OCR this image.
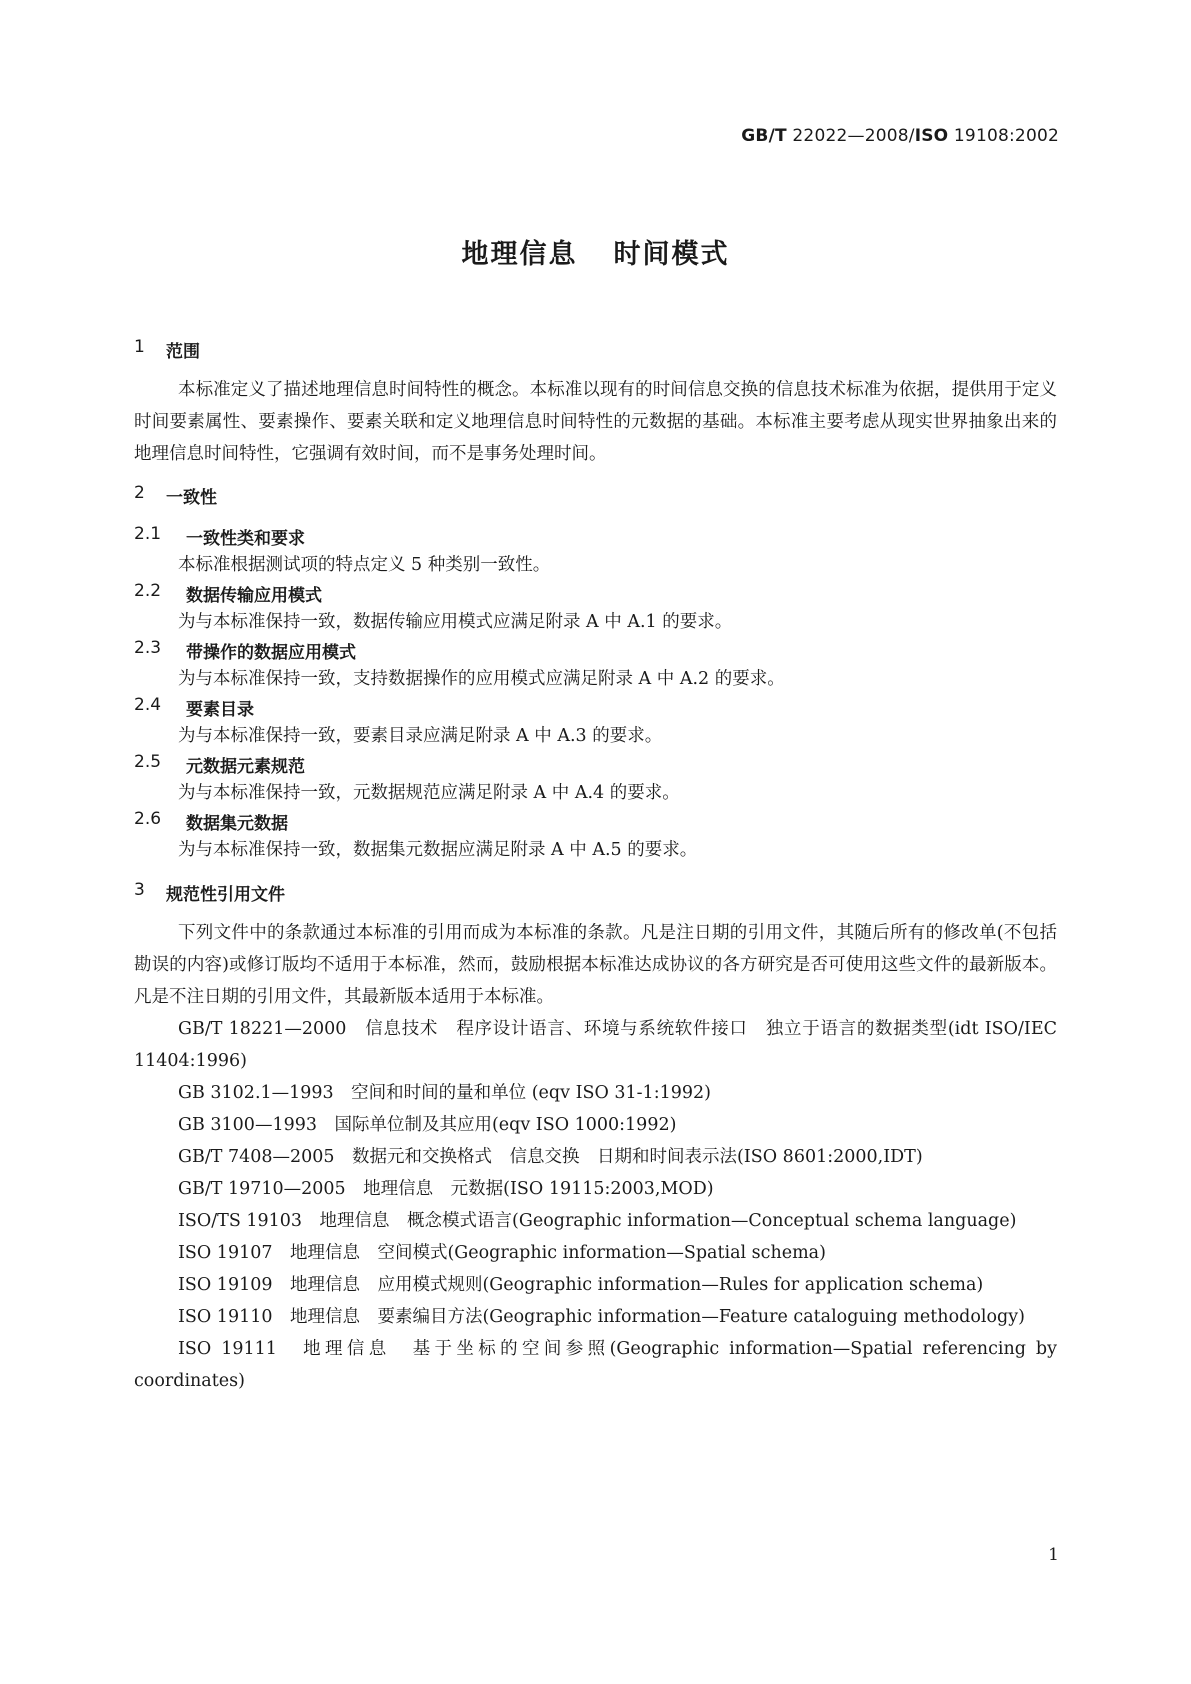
GB/T 22022—2008/ISO 19108:2002
地理信息 时间模式
1	范围
本标准定义了描述地理信息时间特性的概念。本标准以现有的时间信息交换的信息技术标准为依据，提供用于定义时间要素属性、要素操作、要素关联和定义地理信息时间特性的元数据的基础。本标准主要考虑从现实世界抽象出来的地理信息时间特性，它强调有效时间，而不是事务处理时间。
2	一致性
2.1	一致性类和要求
本标准根据测试项的特点定义 5 种类别一致性。
2.2	数据传输应用模式
为与本标准保持一致，数据传输应用模式应满足附录 A 中 A.1 的要求。
2.3	带操作的数据应用模式
为与本标准保持一致，支持数据操作的应用模式应满足附录 A 中 A.2 的要求。
2.4	要素目录
为与本标准保持一致，要素目录应满足附录 A 中 A.3 的要求。
2.5	元数据元素规范
为与本标准保持一致，元数据规范应满足附录 A 中 A.4 的要求。
2.6	数据集元数据
为与本标准保持一致，数据集元数据应满足附录 A 中 A.5 的要求。
3	规范性引用文件
下列文件中的条款通过本标准的引用而成为本标准的条款。凡是注日期的引用文件，其随后所有的修改单(不包括勘误的内容)或修订版均不适用于本标准，然而，鼓励根据本标准达成协议的各方研究是否可使用这些文件的最新版本。凡是不注日期的引用文件，其最新版本适用于本标准。
GB/T 18221—2000　信息技术　程序设计语言、环境与系统软件接口　独立于语言的数据类型(idt ISO/IEC 11404:1996)
GB 3102.1—1993　空间和时间的量和单位 (eqv ISO 31-1:1992)
GB 3100—1993　国际单位制及其应用(eqv ISO 1000:1992)
GB/T 7408—2005　数据元和交换格式　信息交换　日期和时间表示法(ISO 8601:2000,IDT)
GB/T 19710—2005　地理信息　元数据(ISO 19115:2003,MOD)
ISO/TS 19103　地理信息　概念模式语言(Geographic information—Conceptual schema language)
ISO 19107　地理信息　空间模式(Geographic information—Spatial schema)
ISO 19109　地理信息　应用模式规则(Geographic information—Rules for application schema)
ISO 19110　地理信息　要素编目方法(Geographic information—Feature cataloguing methodology)
ISO 19111　地理信息　基于坐标的空间参照(Geographic information—Spatial referencing by coordinates)
1
